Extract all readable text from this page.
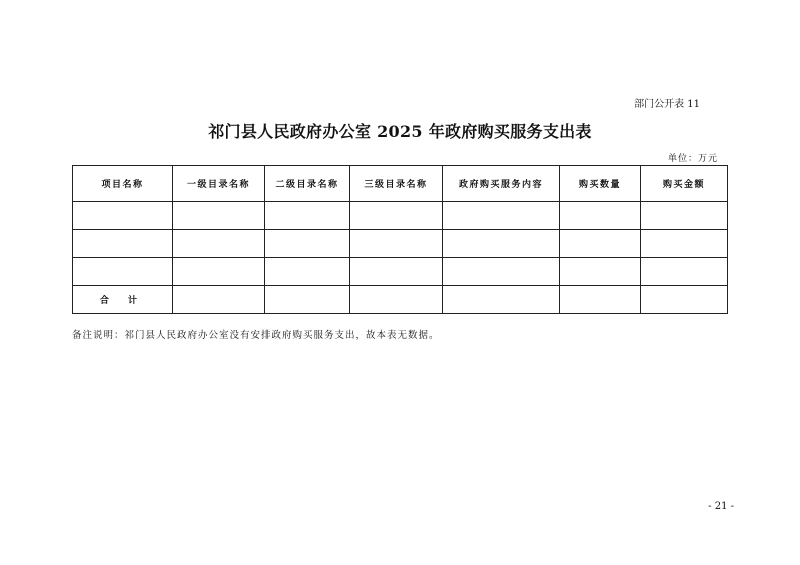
部门公开表 11
祁门县人民政府办公室 2025 年政府购买服务支出表
单位：万元
项目名称	一级目录名称	二级目录名称	三级目录名称	政府购买服务内容	购买数量	购买金额

合 计						
备注说明：祁门县人民政府办公室没有安排政府购买服务支出，故本表无数据。
- 21 -
